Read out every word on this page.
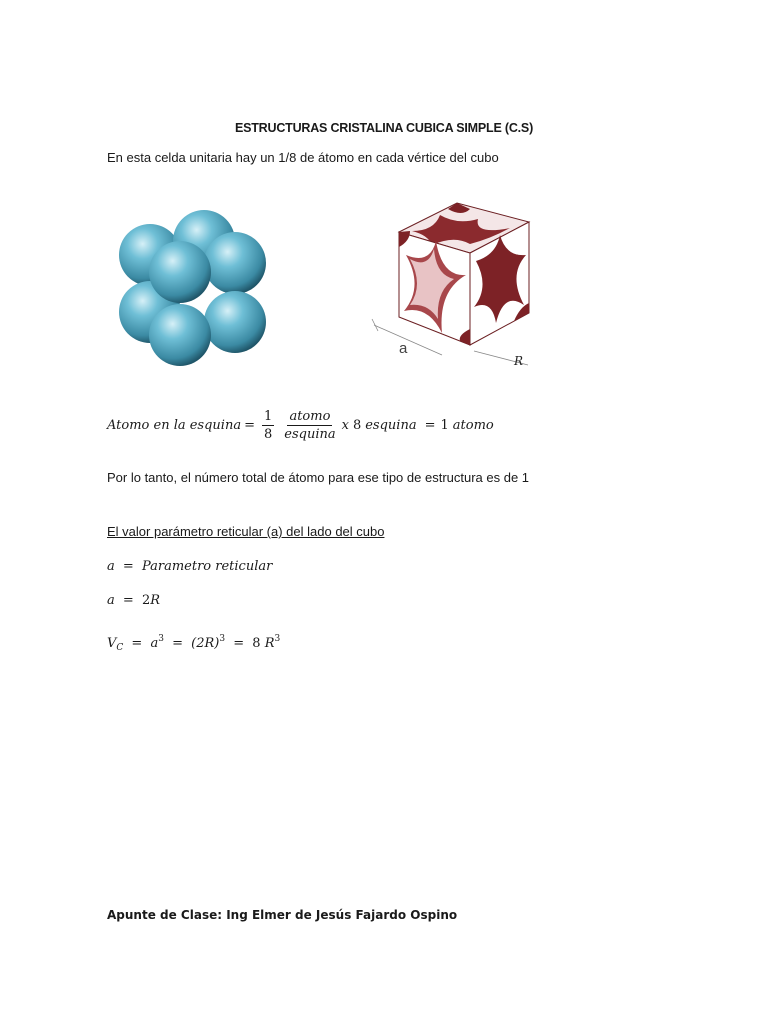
ESTRUCTURAS CRISTALINA CUBICA SIMPLE (C.S)
En esta celda unitaria hay un 1/8 de átomo en cada vértice del cubo
a
R
Atomo en la esquina = $\frac{1}{8} \frac{\text{atomo}}{\text{esquina}}$ x 8 esquina = 1 atomo
Por lo tanto, el número total de átomo para ese tipo de estructura es de 1
El valor parámetro reticular (a) del lado del cubo
a = Parametro reticular
a = 2R
$V_C = a^3 = (2R)^3 = 8$ $R^3$
Apunte de Clase: Ing Elmer de Jesús Fajardo Ospino
